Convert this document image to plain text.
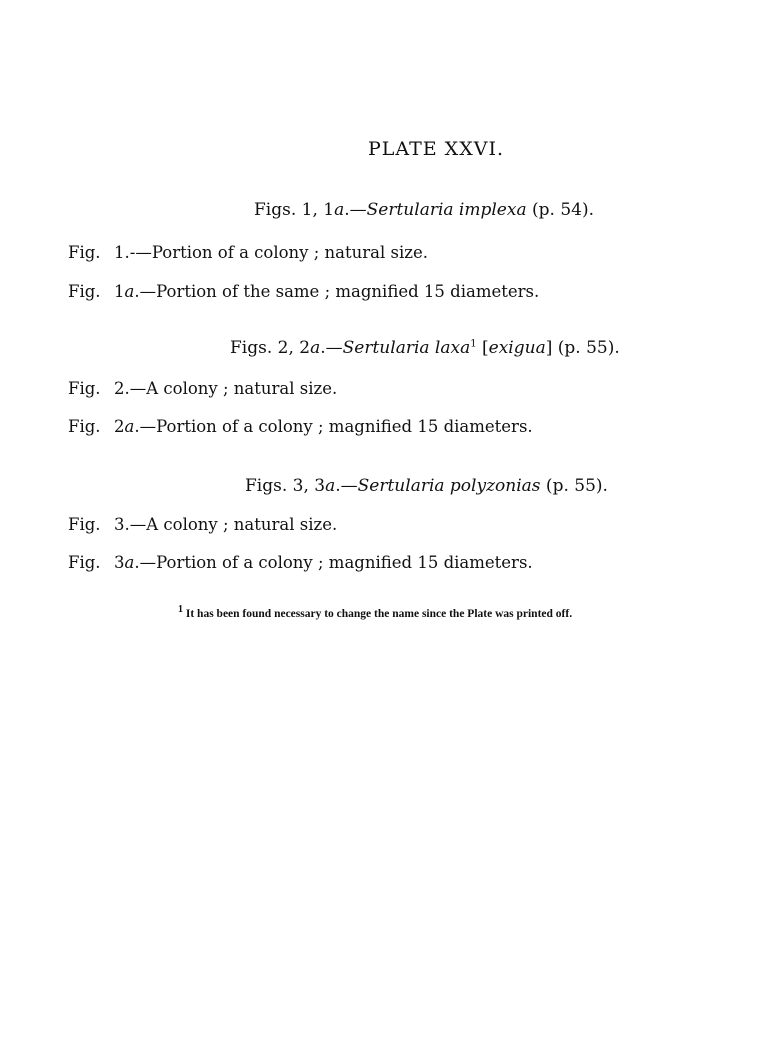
PLATE XXVI.
Figs. 1, 1a.—Sertularia implexa (p. 54).
Fig. 1.-—Portion of a colony ; natural size.
Fig. 1a.—Portion of the same ; magnified 15 diameters.
Figs. 2, 2a.—Sertularia laxa$^1$ [exigua] (p. 55).
Fig. 2.—A colony ; natural size.
Fig. 2a.—Portion of a colony ; magnified 15 diameters.
Figs. 3, 3a.—Sertularia polyzonias (p. 55).
Fig. 3.—A colony ; natural size.
Fig. 3a.—Portion of a colony ; magnified 15 diameters.
$^1$ It has been found necessary to change the name since the Plate was printed off.
